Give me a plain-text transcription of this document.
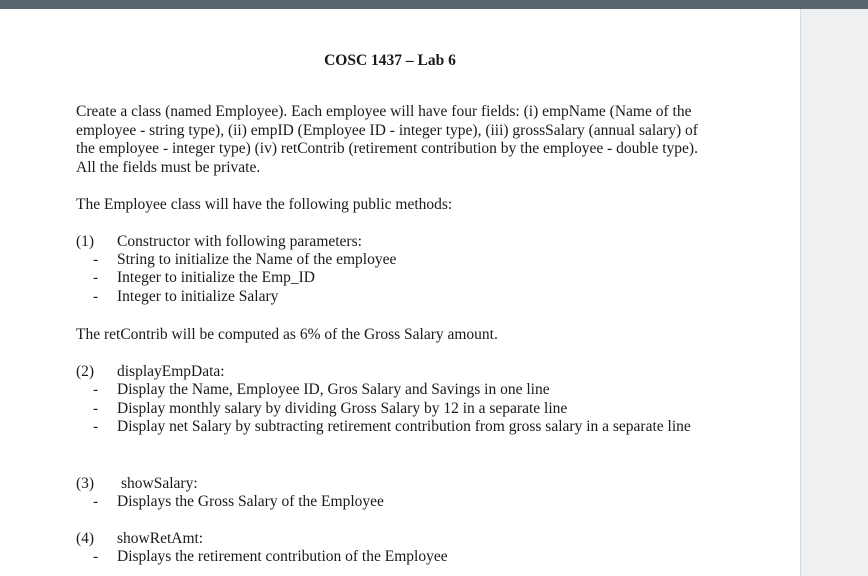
COSC 1437 – Lab 6
Create a class (named Employee). Each employee will have four fields: (i) empName (Name of the employee - string type), (ii) empID (Employee ID - integer type), (iii) grossSalary (annual salary) of the employee - integer type) (iv) retContrib (retirement contribution by the employee - double type). All the fields must be private.
The Employee class will have the following public methods:
(1) Constructor with following parameters:
- String to initialize the Name of the employee
- Integer to initialize the Emp_ID
- Integer to initialize Salary
The retContrib will be computed as 6% of the Gross Salary amount.
(2) displayEmpData:
- Display the Name, Employee ID, Gros Salary and Savings in one line
- Display monthly salary by dividing Gross Salary by 12 in a separate line
- Display net Salary by subtracting retirement contribution from gross salary in a separate line
(3) showSalary:
- Displays the Gross Salary of the Employee
(4) showRetAmt:
- Displays the retirement contribution of the Employee
